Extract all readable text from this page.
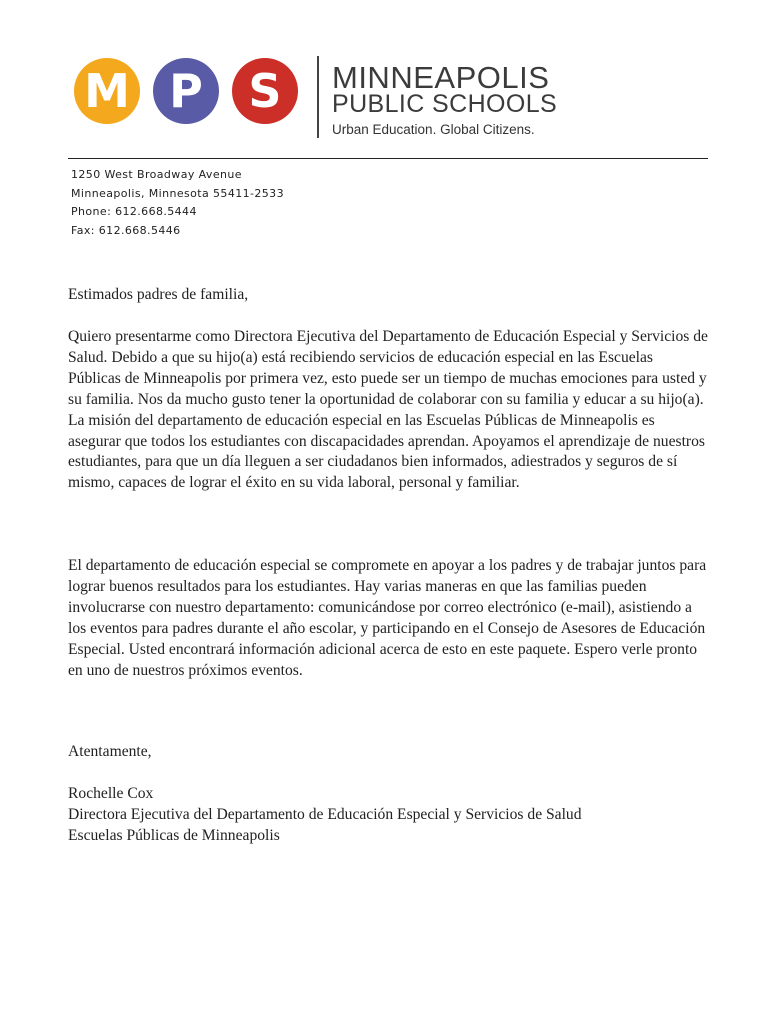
M P S MINNEAPOLIS
PUBLIC SCHOOLS
Urban Education. Global Citizens.
1250 West Broadway Avenue
Minneapolis, Minnesota 55411-2533
Phone: 612.668.5444
Fax: 612.668.5446
Estimados padres de familia,

Quiero presentarme como Directora Ejecutiva del Departamento de Educación Especial y Servicios de Salud. Debido a que su hijo(a) está recibiendo servicios de educación especial en las Escuelas Públicas de Minneapolis por primera vez, esto puede ser un tiempo de muchas emociones para usted y su familia. Nos da mucho gusto tener la oportunidad de colaborar con su familia y educar a su hijo(a). La misión del departamento de educación especial en las Escuelas Públicas de Minneapolis es asegurar que todos los estudiantes con discapacidades aprendan. Apoyamos el aprendizaje de nuestros estudiantes, para que un día lleguen a ser ciudadanos bien informados, adiestrados y seguros de sí mismo, capaces de lograr el éxito en su vida laboral, personal y familiar.

El departamento de educación especial se compromete en apoyar a los padres y de trabajar juntos para lograr buenos resultados para los estudiantes. Hay varias maneras en que las familias pueden involucrarse con nuestro departamento: comunicándose por correo electrónico (e-mail), asistiendo a los eventos para padres durante el año escolar, y participando en el Consejo de Asesores de Educación Especial. Usted encontrará información adicional acerca de esto en este paquete. Espero verle pronto en uno de nuestros próximos eventos.

Atentamente,
Rochelle Cox
Directora Ejecutiva del Departamento de Educación Especial y Servicios de Salud
Escuelas Públicas de Minneapolis
